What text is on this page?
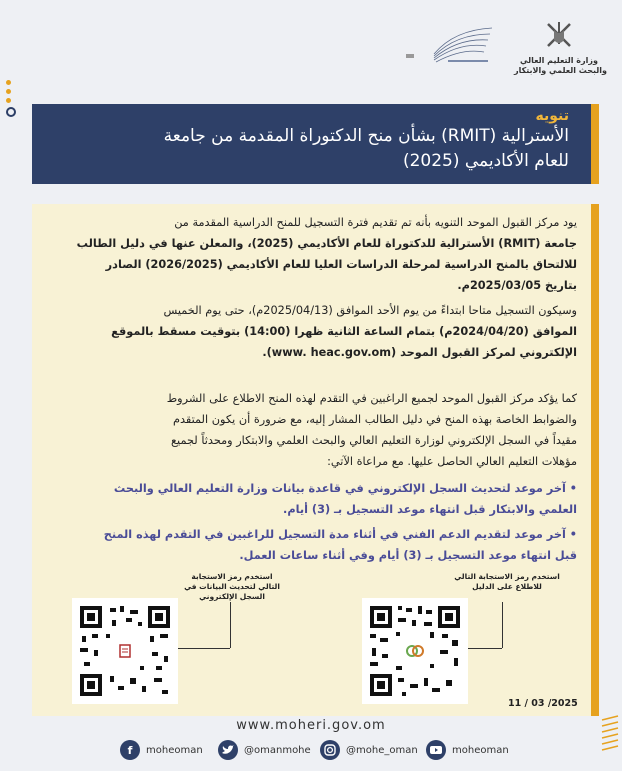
وزارة التعليم العالي
والبحث العلمي والابتكار
تنويه
بشأن منح الدكتوراة المقدمة من جامعة (RMIT) الأسترالية
للعام الأكاديمي (2025)
يود مركز القبول الموحد التنويه بأنه تم تقديم فترة التسجيل للمنح الدراسية المقدمة من
جامعة (RMIT) الأسترالية للدكتوراة للعام الأكاديمي (2025)، والمعلن عنها في دليل الطالب
للالتحاق بالمنح الدراسية لمرحلة الدراسات العليا للعام الأكاديمي (2026/2025) الصادر
بتاريخ 2025/03/05م.
وسيكون التسجيل متاحا ابتداءً من يوم الأحد الموافق (2025/04/13م)، حتى يوم الخميس
الموافق (2024/04/20م) بتمام الساعة الثانية ظهرا (14:00) بتوقيت مسقط بالموقع
الإلكتروني لمركز القبول الموحد (www. heac.gov.om).
كما يؤكد مركز القبول الموحد لجميع الراغبين في التقدم لهذه المنح الاطلاع على الشروط
والضوابط الخاصة بهذه المنح في دليل الطالب المشار إليه، مع ضرورة أن يكون المتقدم
مقيداً في السجل الإلكتروني لوزارة التعليم العالي والبحث العلمي والابتكار ومحدثاً لجميع
مؤهلات التعليم العالي الحاصل عليها. مع مراعاة الآتي:
• آخر موعد لتحديث السجل الإلكتروني في قاعدة بيانات وزارة التعليم العالي والبحث
العلمي والابتكار قبل انتهاء موعد التسجيل بـ (3) أيام.
• آخر موعد لتقديم الدعم الفني في أثناء مدة التسجيل للراغبين في التقدم لهذه المنح
قبل انتهاء موعد التسجيل بـ (3) أيام وفي أثناء ساعات العمل.
استخدم رمز الاستجابة التالي للاطلاع على الدليل
استخدم رمز الاستجابة التالي لتحديث البيانات في السجل الإلكتروني
11 / 03 /2025
www.moheri.gov.om
f	moheoman	@omanmohe	@mohe_oman	moheoman
